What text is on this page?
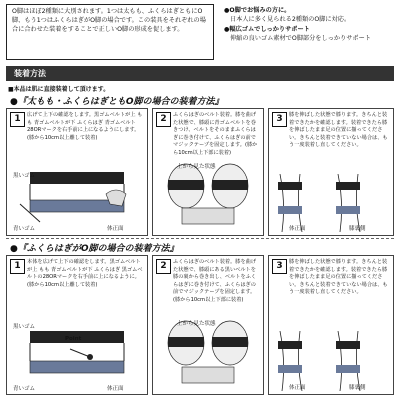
O脚はほぼ2種類に大別されます。1つは太もも、ふくらはぎともにO脚、もう1つはふくらはぎがO脚の場合です。この装具をそれぞれの場合に合わせた装着をすることで正しいO脚の形成を促します。
●O脚でお悩みの方に。
日本人に多く見られる2種類のO脚に対応。
●幅広ゴムでしっかりサポート
伸縮の良いゴム素材でO脚部分をしっかりサポート
装着方法
■本品は肌に直接装着して頂けます。
●『太もも・ふくらはぎともO脚の場合の装着方法』
1	広げて上下の確認をします。黒ゴムベルトが上 もも 青ゴムベルトが下 ふくらはぎ 青ゴムベルト 28ORマークを右手前に上になるようにします。(膝から10cm以上離して装着)
黒いゴム
青いゴム	体正面
2	ふくらはぎのベルト装着。膝を曲げた状態で、膝頭に青ゴムベルトを巻きつけ、ベルトをそのままふくらはぎに巻き付けて、ふくらはぎの前でマジックテープを固定します。(膝から10cm以上下部に装着)
上から見た状態
3	膝を伸ばした状態で膝ります。きちんと装着できたかを確認します。装着できたら膝を伸ばしたまま足の位置に揃ってください。きちんと装着できていない場合は、もう一度装着し直してください。
体正面	膝裏側
●『ふくらはぎがO脚の場合の装着方法』
1	本体を広げて上下の確認をします。黒ゴムベルトが上 もも 青ゴムベルトが下 ふくらはぎ 黒ゴムベルトの28ORマークを右手前に上になるように。(膝から10cm以上離して装着)
黒いゴム
Point
青いゴム	体正面
2	ふくらはぎのベルト装着。膝を曲げた状態で、膝頭にある黒いベルトを膝の裏から巻き出し、ベルトをふくらはぎに巻き付けて、ふくらはぎの前でマジックテープを固定します。(膝から10cm以上下部に装着)
上から見た状態
3	膝を伸ばした状態で膝ります。きちんと装着できたかを確認します。装着できたら膝を伸ばしたまま足の位置に揃ってください。きちんと装着できていない場合は、もう一度装着し直してください。
体正面	膝裏側
